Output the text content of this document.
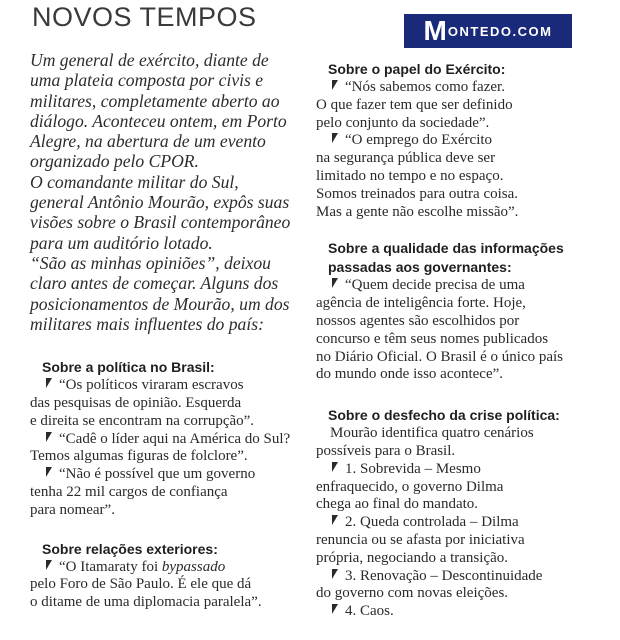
NOVOS TEMPOS	M ONTEDO.COM

Um general de exército, diante de

uma plateia composta por civis e

militares, completamente aberto ao

diálogo. Aconteceu ontem, em Porto

Alegre, na abertura de um evento

organizado pelo CPOR.

O comandante militar do Sul,

general Antônio Mourão, expôs suas

visões sobre o Brasil contemporâneo

para um auditório lotado.

“São as minhas opiniões”, deixou

claro antes de começar. Alguns dos

posicionamentos de Mourão, um dos

militares mais influentes do país:

Sobre a política no Brasil:

“Os políticos viraram escravos

das pesquisas de opinião. Esquerda

e direita se encontram na corrupção”.

“Cadê o líder aqui na América do Sul?

Temos algumas figuras de folclore”.

“Não é possível que um governo

tenha 22 mil cargos de confiança

para nomear”.

Sobre relações exteriores:

“O Itamaraty foi bypassado

pelo Foro de São Paulo. É ele que dá

o ditame de uma diplomacia paralela”.

Sobre o papel do Exército:

“Nós sabemos como fazer.

O que fazer tem que ser definido

pelo conjunto da sociedade”.

“O emprego do Exército

na segurança pública deve ser

limitado no tempo e no espaço.

Somos treinados para outra coisa.

Mas a gente não escolhe missão”.

Sobre a qualidade das informações
passadas aos governantes:

“Quem decide precisa de uma

agência de inteligência forte. Hoje,

nossos agentes são escolhidos por

concurso e têm seus nomes publicados

no Diário Oficial. O Brasil é o único país

do mundo onde isso acontece”.

Sobre o desfecho da crise política:

Mourão identifica quatro cenários

possíveis para o Brasil.

1. Sobrevida – Mesmo

enfraquecido, o governo Dilma

chega ao final do mandato.

2. Queda controlada – Dilma

renuncia ou se afasta por iniciativa

própria, negociando a transição.

3. Renovação – Descontinuidade

do governo com novas eleições.

4. Caos.
